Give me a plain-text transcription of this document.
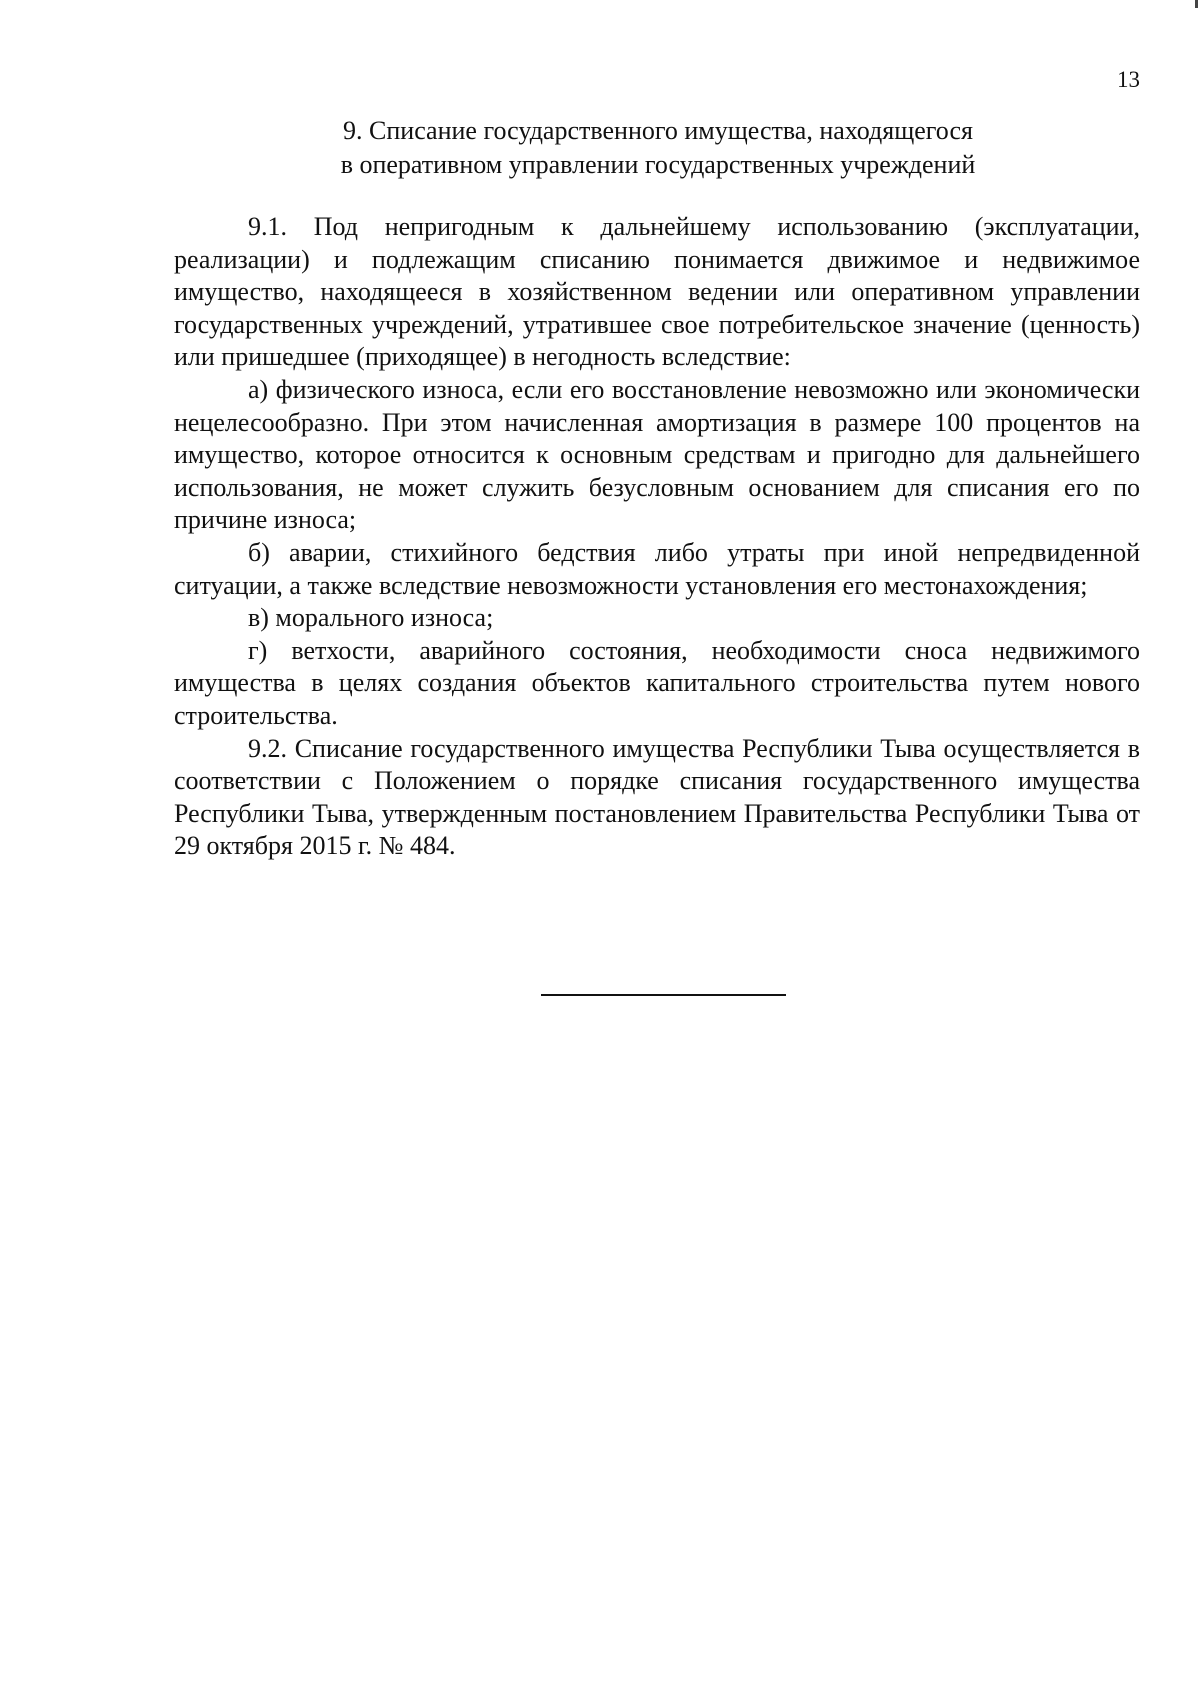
13
9. Списание государственного имущества, находящегося
в оперативном управлении государственных учреждений

9.1. Под непригодным к дальнейшему использованию (эксплуатации, реализации) и подлежащим списанию понимается движимое и недвижимое имущество, находящееся в хозяйственном ведении или оперативном управлении государственных учреждений, утратившее свое потребительское значение (ценность) или пришедшее (приходящее) в негодность вследствие:

а) физического износа, если его восстановление невозможно или экономически нецелесообразно. При этом начисленная амортизация в размере 100 процентов на имущество, которое относится к основным средствам и пригодно для дальнейшего использования, не может служить безусловным основанием для списания его по причине износа;

б) аварии, стихийного бедствия либо утраты при иной непредвиденной ситуации, а также вследствие невозможности установления его местонахождения;

в) морального износа;

г) ветхости, аварийного состояния, необходимости сноса недвижимого имущества в целях создания объектов капитального строительства путем нового строительства.

9.2. Списание государственного имущества Республики Тыва осуществляется в соответствии с Положением о порядке списания государственного имущества Республики Тыва, утвержденным постановлением Правительства Республики Тыва от 29 октября 2015 г. № 484.
